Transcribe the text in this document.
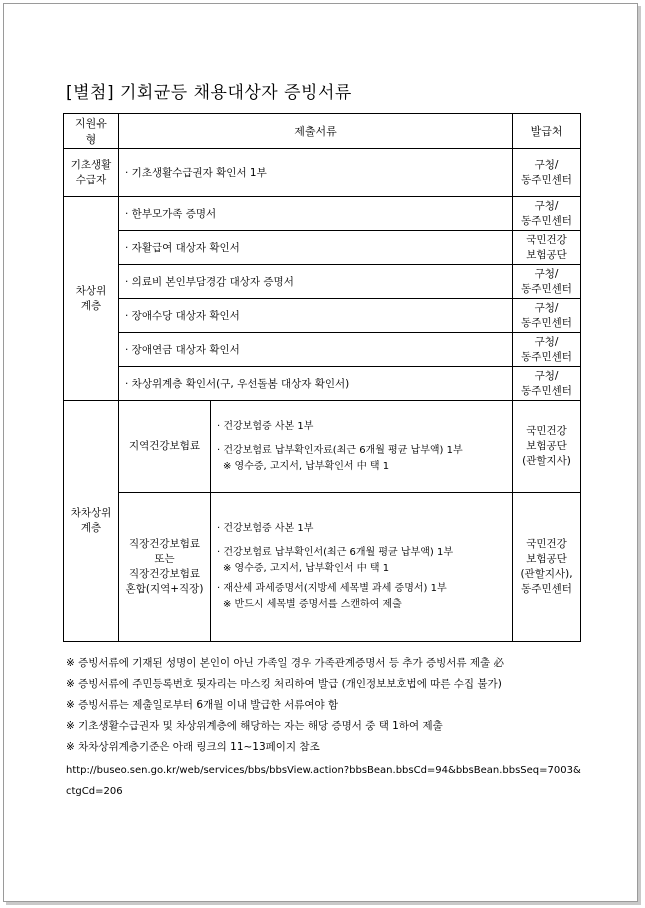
[별첨] 기회균등 채용대상자 증빙서류
지원유형	제출서류		발급처

기초생활
수급자	· 기초생활수급권자 확인서 1부		구청/
동주민센터

차상위
계층	· 한부모가족 증명서		구청/
동주민센터

	· 자활급여 대상자 확인서		국민건강
보험공단

	· 의료비 본인부담경감 대상자 증명서		구청/
동주민센터

	· 장애수당 대상자 확인서		구청/
동주민센터

	· 장애연금 대상자 확인서		구청/
동주민센터

	· 차상위계층 확인서(구, 우선돌봄 대상자 확인서)		구청/
동주민센터

차차상위
계층	지역건강보험료	· 건강보험증 사본 1부
· 건강보험료 납부확인자료(최근 6개월 평균 납부액) 1부
※ 영수증, 고지서, 납부확인서 中 택 1	국민건강
보험공단
(관할지사)

	직장건강보험료
또는
직장건강보험료
혼합(지역+직장)	· 건강보험증 사본 1부
· 건강보험료 납부확인서(최근 6개월 평균 납부액) 1부
※ 영수증, 고지서, 납부확인서 中 택 1
· 재산세 과세증명서(지방세 세목별 과세 증명서) 1부
※ 반드시 세목별 증명서를 스캔하여 제출	국민건강
보험공단
(관할지사),
동주민센터
※ 증빙서류에 기재된 성명이 본인이 아닌 가족일 경우 가족관계증명서 등 추가 증빙서류 제출 必
※ 증빙서류에 주민등록번호 뒷자리는 마스킹 처리하여 발급 (개인정보보호법에 따른 수집 불가)
※ 증빙서류는 제출일로부터 6개월 이내 발급한 서류여야 함
※ 기초생활수급권자 및 차상위계층에 해당하는 자는 해당 증명서 중 택 1하여 제출
※ 차차상위계층기준은 아래 링크의 11~13페이지 참조
http://buseo.sen.go.kr/web/services/bbs/bbsView.action?bbsBean.bbsCd=94&bbsBean.bbsSeq=7003&ctgCd=206
